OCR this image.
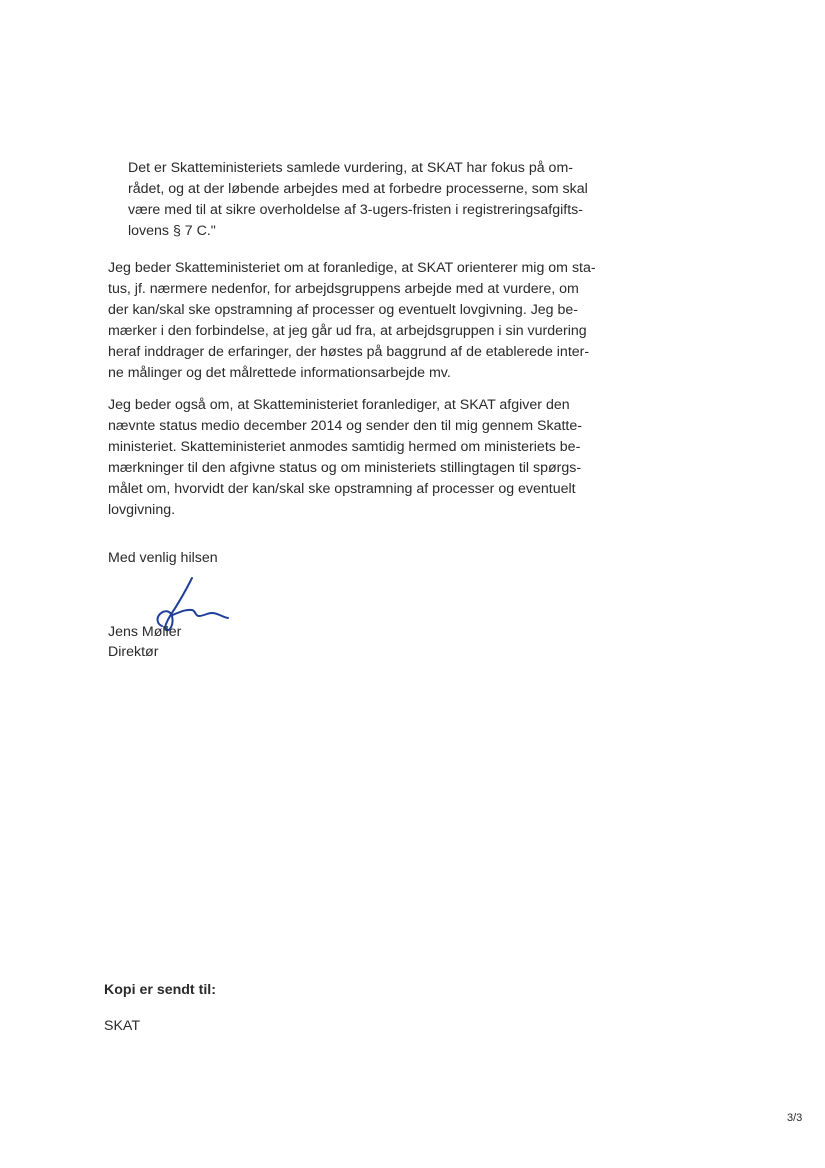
Det er Skatteministeriets samlede vurdering, at SKAT har fokus på om-
rådet, og at der løbende arbejdes med at forbedre processerne, som skal
være med til at sikre overholdelse af 3-ugers-fristen i registreringsafgifts-
lovens § 7 C."
Jeg beder Skatteministeriet om at foranledige, at SKAT orienterer mig om sta-
tus, jf. nærmere nedenfor, for arbejdsgruppens arbejde med at vurdere, om
der kan/skal ske opstramning af processer og eventuelt lovgivning. Jeg be-
mærker i den forbindelse, at jeg går ud fra, at arbejdsgruppen i sin vurdering
heraf inddrager de erfaringer, der høstes på baggrund af de etablerede inter-
ne målinger og det målrettede informationsarbejde mv.
Jeg beder også om, at Skatteministeriet foranlediger, at SKAT afgiver den
nævnte status medio december 2014 og sender den til mig gennem Skatte-
ministeriet. Skatteministeriet anmodes samtidig hermed om ministeriets be-
mærkninger til den afgivne status og om ministeriets stillingtagen til spørgs-
målet om, hvorvidt der kan/skal ske opstramning af processer og eventuelt
lovgivning.
Med venlig hilsen
Jens Møller
Direktør
Kopi er sendt til:
SKAT
3/3
